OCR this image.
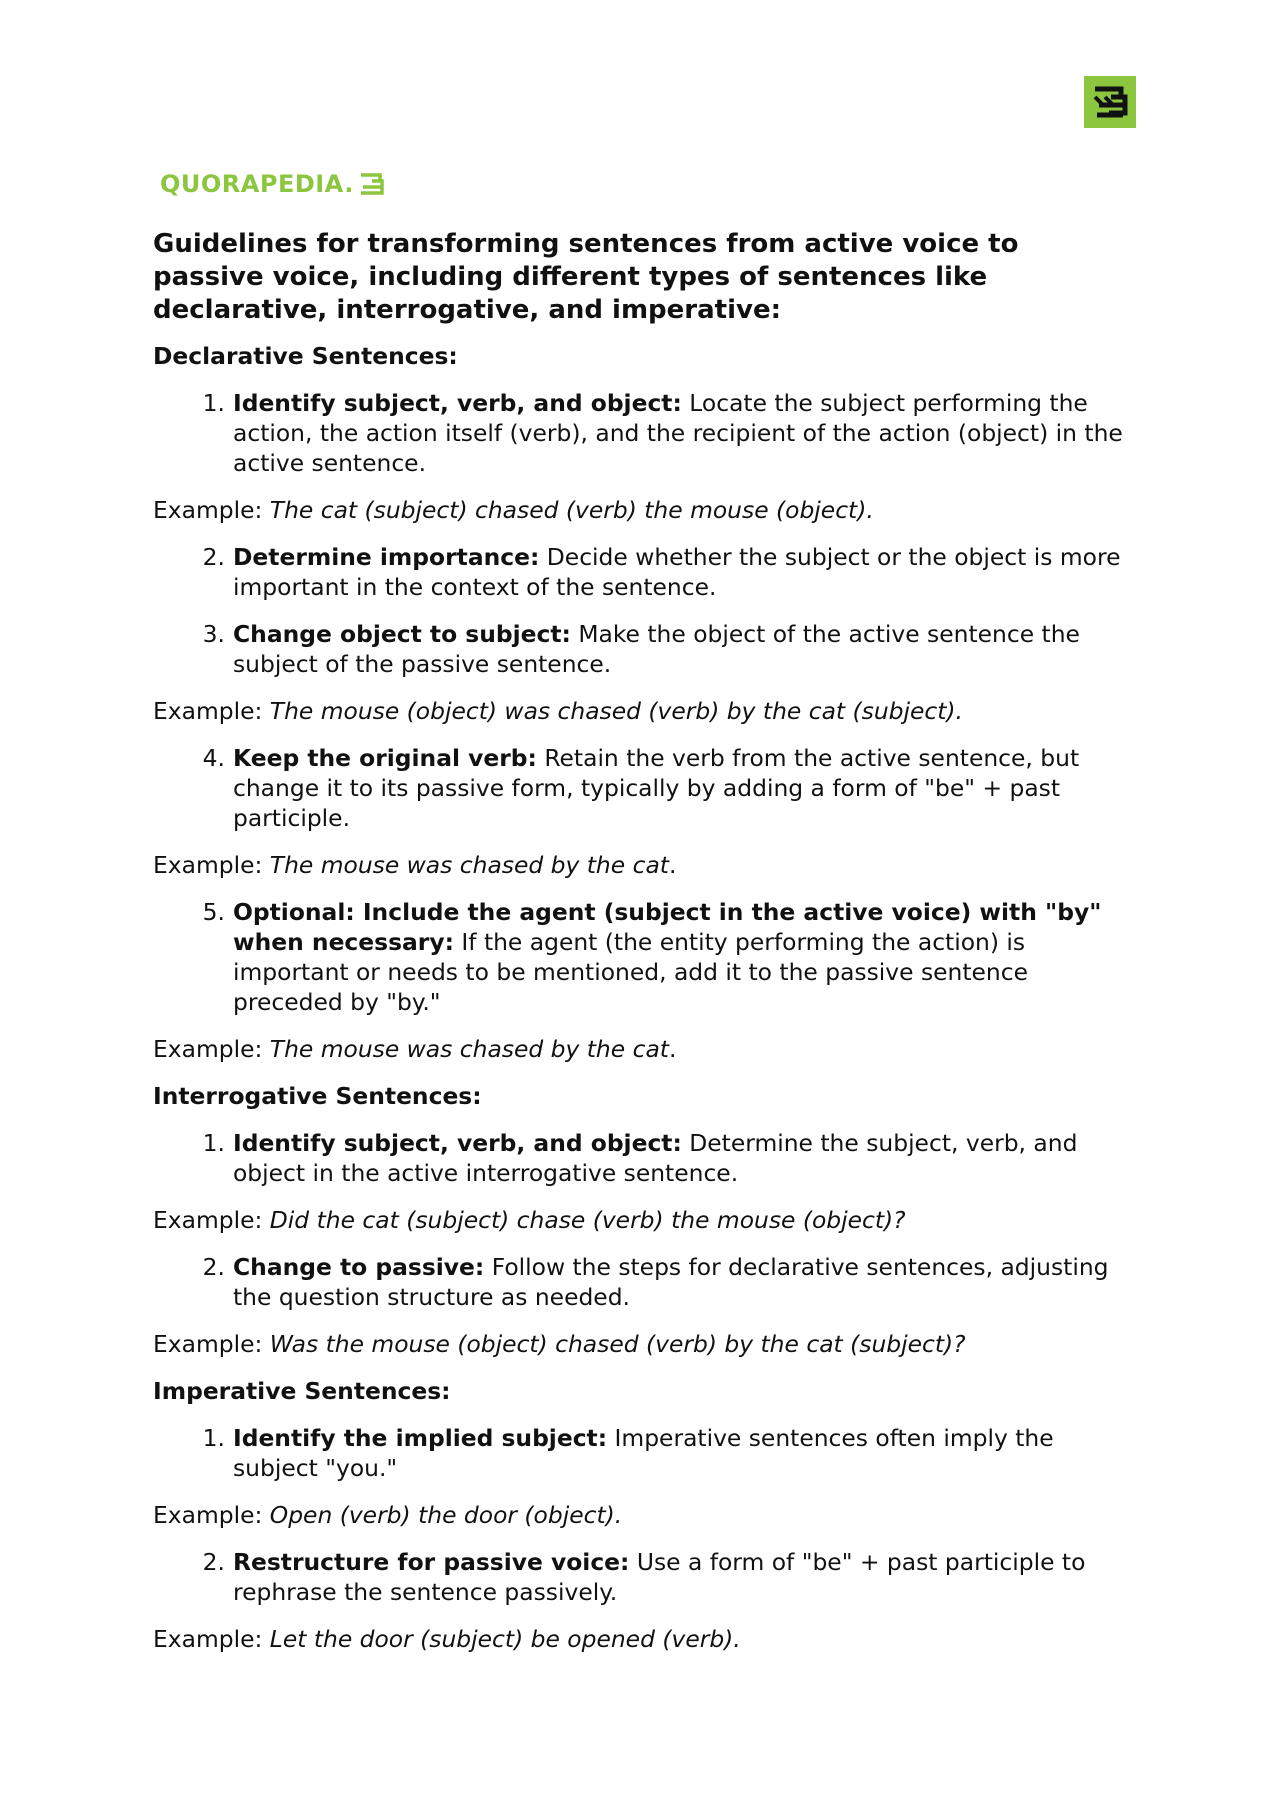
QUORAPEDIA.
Guidelines for transforming sentences from active voice to passive voice, including different types of sentences like declarative, interrogative, and imperative:
Declarative Sentences:
1. Identify subject, verb, and object: Locate the subject performing the action, the action itself (verb), and the recipient of the action (object) in the active sentence.

Example: The cat (subject) chased (verb) the mouse (object).

2. Determine importance: Decide whether the subject or the object is more important in the context of the sentence.
3. Change object to subject: Make the object of the active sentence the subject of the passive sentence.

Example: The mouse (object) was chased (verb) by the cat (subject).

4. Keep the original verb: Retain the verb from the active sentence, but change it to its passive form, typically by adding a form of "be" + past participle.

Example: The mouse was chased by the cat.

5. Optional: Include the agent (subject in the active voice) with "by" when necessary: If the agent (the entity performing the action) is important or needs to be mentioned, add it to the passive sentence preceded by "by."

Example: The mouse was chased by the cat.

Interrogative Sentences:
1. Identify subject, verb, and object: Determine the subject, verb, and object in the active interrogative sentence.

Example: Did the cat (subject) chase (verb) the mouse (object)?

2. Change to passive: Follow the steps for declarative sentences, adjusting the question structure as needed.

Example: Was the mouse (object) chased (verb) by the cat (subject)?

Imperative Sentences:
1. Identify the implied subject: Imperative sentences often imply the subject "you."

Example: Open (verb) the door (object).

2. Restructure for passive voice: Use a form of "be" + past participle to rephrase the sentence passively.

Example: Let the door (subject) be opened (verb).
